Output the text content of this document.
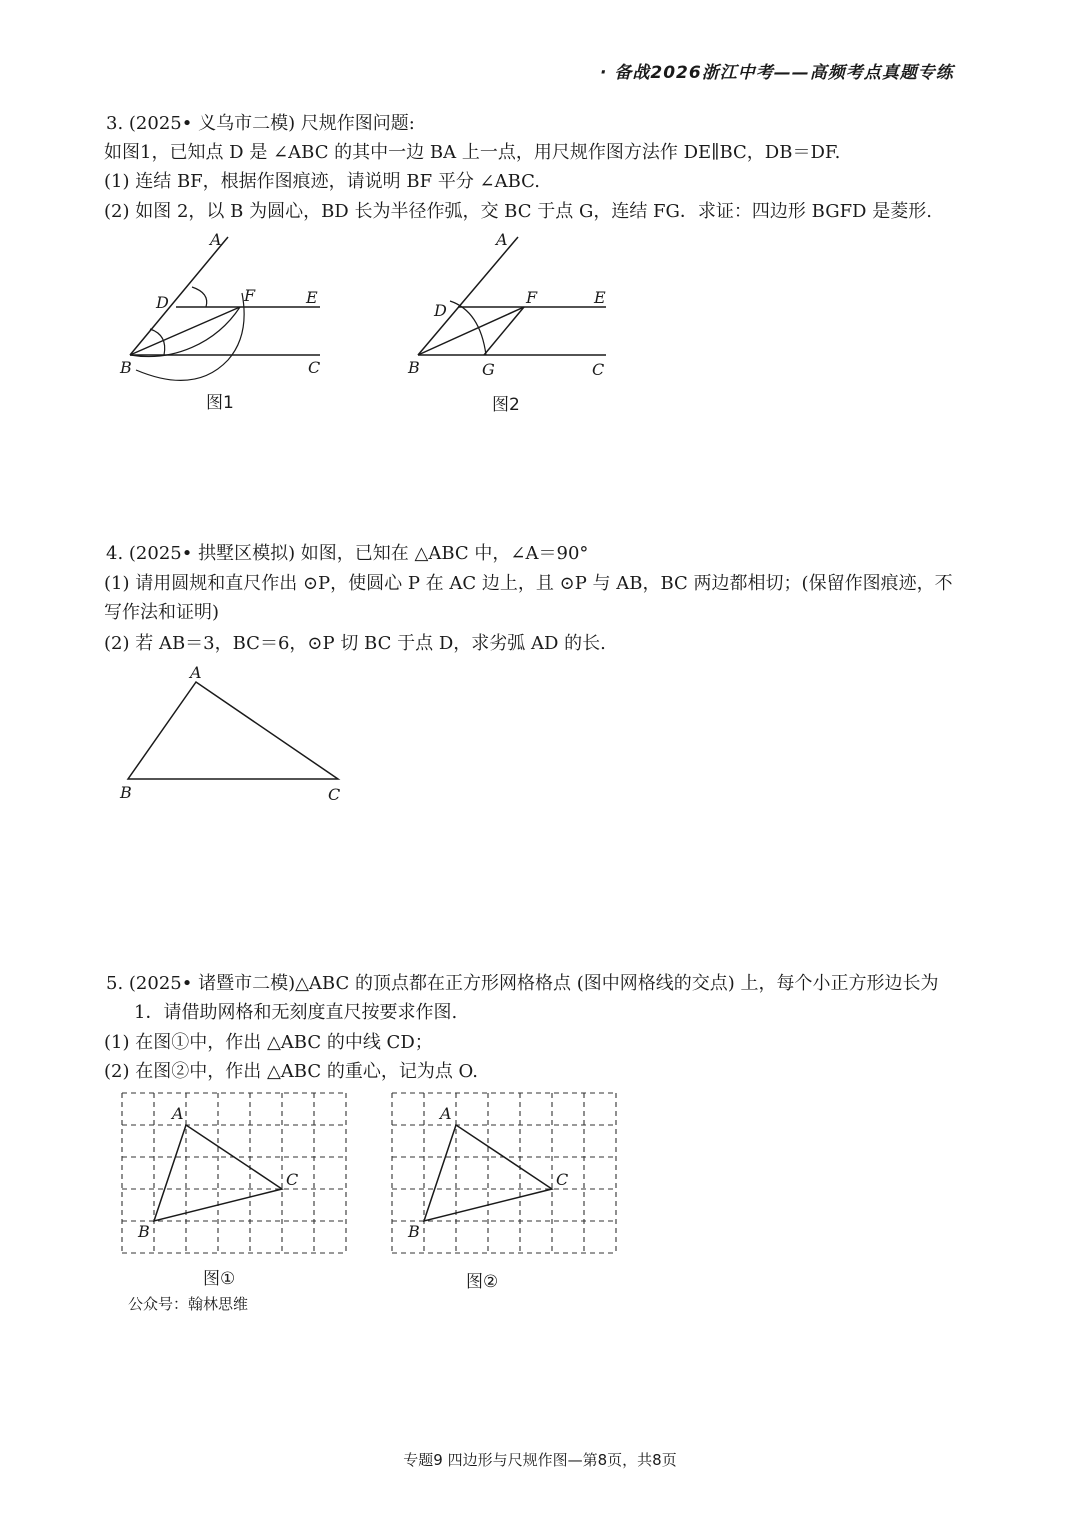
· 备战2026浙江中考——高频考点真题专练
3. (2025• 义乌市二模) 尺规作图问题:
如图1，已知点 D 是 ∠ABC 的其中一边 BA 上一点，用尺规作图方法作 DE∥BC，DB＝DF.
(1) 连结 BF，根据作图痕迹，请说明 BF 平分 ∠ABC.
(2) 如图 2，以 B 为圆心，BD 长为半径作弧，交 BC 于点 G，连结 FG．求证：四边形 BGFD 是菱形.
A
D	F	E
B	C
图1
A
D
F	E
B	G	C
图2
4. (2025• 拱墅区模拟) 如图，已知在 △ABC 中，∠A＝90°
(1) 请用圆规和直尺作出 ⊙P，使圆心 P 在 AC 边上，且 ⊙P 与 AB，BC 两边都相切；(保留作图痕迹，不
写作法和证明)
(2) 若 AB＝3，BC＝6，⊙P 切 BC 于点 D，求劣弧 AD 的长.
A
B	C
5. (2025• 诸暨市二模)△ABC 的顶点都在正方形网格格点 (图中网格线的交点) 上，每个小正方形边长为
1．请借助网格和无刻度直尺按要求作图.
(1) 在图①中，作出 △ABC 的中线 CD；
(2) 在图②中，作出 △ABC 的重心，记为点 O.
A
B
C
图①
A
B
C
图②
公众号：翰林思维
专题9 四边形与尺规作图—第8页，共8页
